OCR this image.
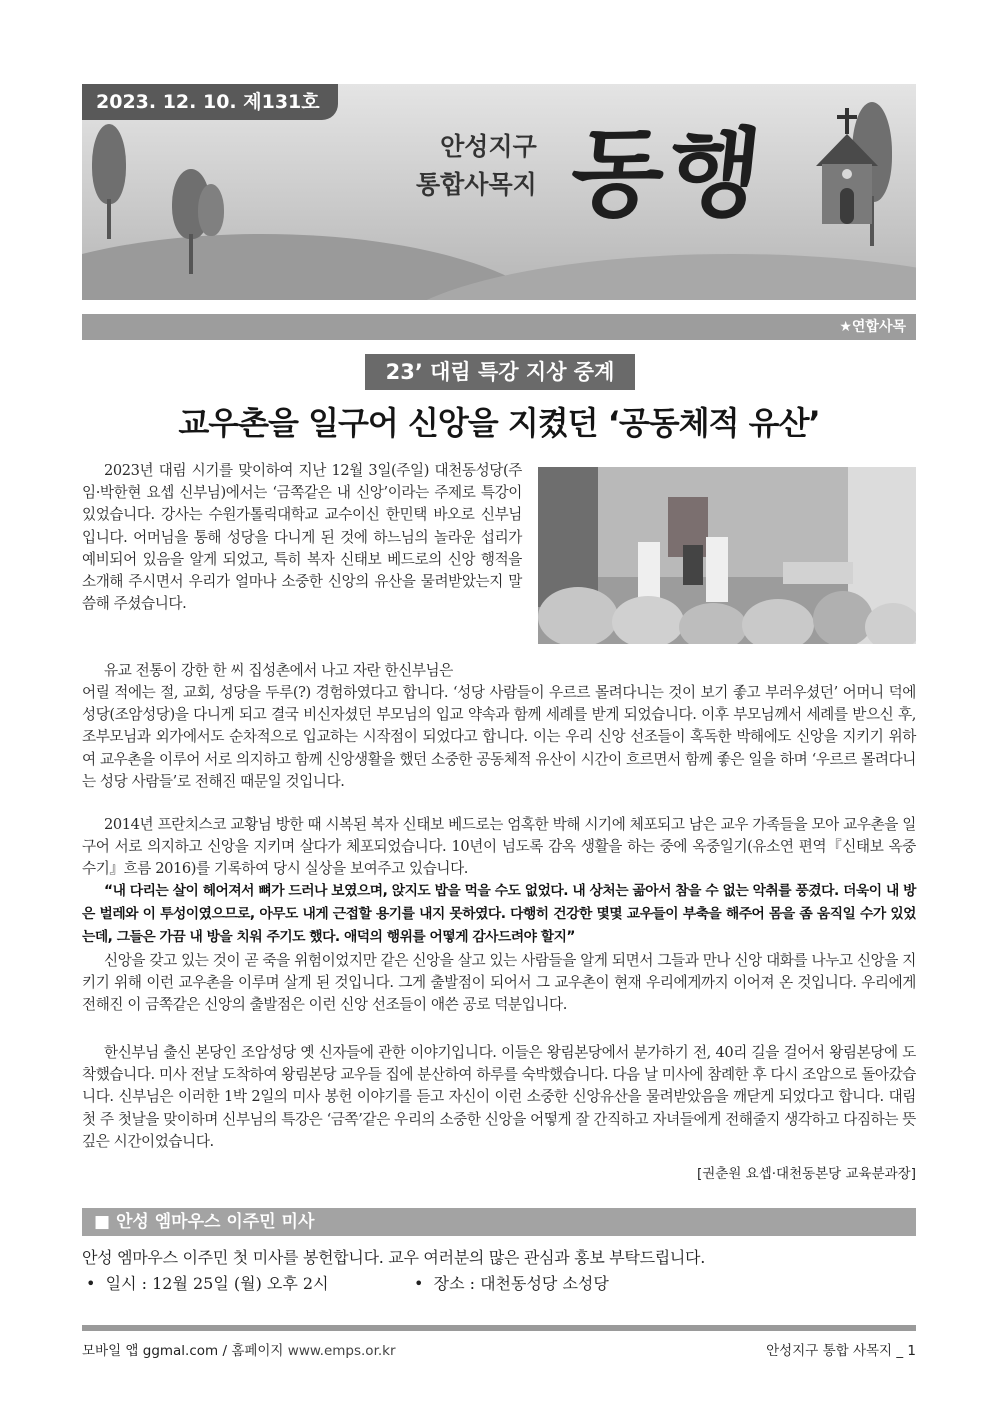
2023. 12. 10. 제131호
안성지구
통합사목지 동행
★연합사목
23’ 대림 특강 지상 중계
교우촌을 일구어 신앙을 지켰던 ‘공동체적 유산’
2023년 대림 시기를 맞이하여 지난 12월 3일(주일) 대천동성당(주임·박한현 요셉 신부님)에서는 ‘금쪽같은 내 신앙’이라는 주제로 특강이 있었습니다. 강사는 수원가톨릭대학교 교수이신 한민택 바오로 신부님입니다. 어머님을 통해 성당을 다니게 된 것에 하느님의 놀라운 섭리가 예비되어 있음을 알게 되었고, 특히 복자 신태보 베드로의 신앙 행적을 소개해 주시면서 우리가 얼마나 소중한 신앙의 유산을 물려받았는지 말씀해 주셨습니다.
유교 전통이 강한 한 씨 집성촌에서 나고 자란 한신부님은
어릴 적에는 절, 교회, 성당을 두루(?) 경험하였다고 합니다. ‘성당 사람들이 우르르 몰려다니는 것이 보기 좋고 부러우셨던’ 어머니 덕에 성당(조암성당)을 다니게 되고 결국 비신자셨던 부모님의 입교 약속과 함께 세례를 받게 되었습니다. 이후 부모님께서 세례를 받으신 후, 조부모님과 외가에서도 순차적으로 입교하는 시작점이 되었다고 합니다. 이는 우리 신앙 선조들이 혹독한 박해에도 신앙을 지키기 위하여 교우촌을 이루어 서로 의지하고 함께 신앙생활을 했던 소중한 공동체적 유산이 시간이 흐르면서 함께 좋은 일을 하며 ‘우르르 몰려다니는 성당 사람들’로 전해진 때문일 것입니다.
2014년 프란치스코 교황님 방한 때 시복된 복자 신태보 베드로는 엄혹한 박해 시기에 체포되고 남은 교우 가족들을 모아 교우촌을 일구어 서로 의지하고 신앙을 지키며 살다가 체포되었습니다. 10년이 넘도록 감옥 생활을 하는 중에 옥중일기(유소연 편역『신태보 옥중 수기』흐름 2016)를 기록하여 당시 실상을 보여주고 있습니다.
“내 다리는 살이 헤어져서 뼈가 드러나 보였으며, 앉지도 밥을 먹을 수도 없었다. 내 상처는 곪아서 참을 수 없는 악취를 풍겼다. 더욱이 내 방은 벌레와 이 투성이였으므로, 아무도 내게 근접할 용기를 내지 못하였다. 다행히 건강한 몇몇 교우들이 부축을 해주어 몸을 좀 움직일 수가 있었는데, 그들은 가끔 내 방을 치워 주기도 했다. 애덕의 행위를 어떻게 감사드려야 할지”
신앙을 갖고 있는 것이 곧 죽을 위험이었지만 같은 신앙을 살고 있는 사람들을 알게 되면서 그들과 만나 신앙 대화를 나누고 신앙을 지키기 위해 이런 교우촌을 이루며 살게 된 것입니다. 그게 출발점이 되어서 그 교우촌이 현재 우리에게까지 이어져 온 것입니다. 우리에게 전해진 이 금쪽같은 신앙의 출발점은 이런 신앙 선조들이 애쓴 공로 덕분입니다.
한신부님 출신 본당인 조암성당 옛 신자들에 관한 이야기입니다. 이들은 왕림본당에서 분가하기 전, 40리 길을 걸어서 왕림본당에 도착했습니다. 미사 전날 도착하여 왕림본당 교우들 집에 분산하여 하루를 숙박했습니다. 다음 날 미사에 참례한 후 다시 조암으로 돌아갔습니다. 신부님은 이러한 1박 2일의 미사 봉헌 이야기를 듣고 자신이 이런 소중한 신앙유산을 물려받았음을 깨닫게 되었다고 합니다. 대림 첫 주 첫날을 맞이하며 신부님의 특강은 ‘금쪽’같은 우리의 소중한 신앙을 어떻게 잘 간직하고 자녀들에게 전해줄지 생각하고 다짐하는 뜻깊은 시간이었습니다.
[권춘원 요셉·대천동본당 교육분과장]
■ 안성 엠마우스 이주민 미사
안성 엠마우스 이주민 첫 미사를 봉헌합니다. 교우 여러분의 많은 관심과 홍보 부탁드립니다.
•  일시 : 12월 25일 (월) 오후 2시	•  장소 : 대천동성당 소성당
모바일 앱 ggmal.com / 홈페이지 www.emps.or.kr	안성지구 통합 사목지 _ 1
